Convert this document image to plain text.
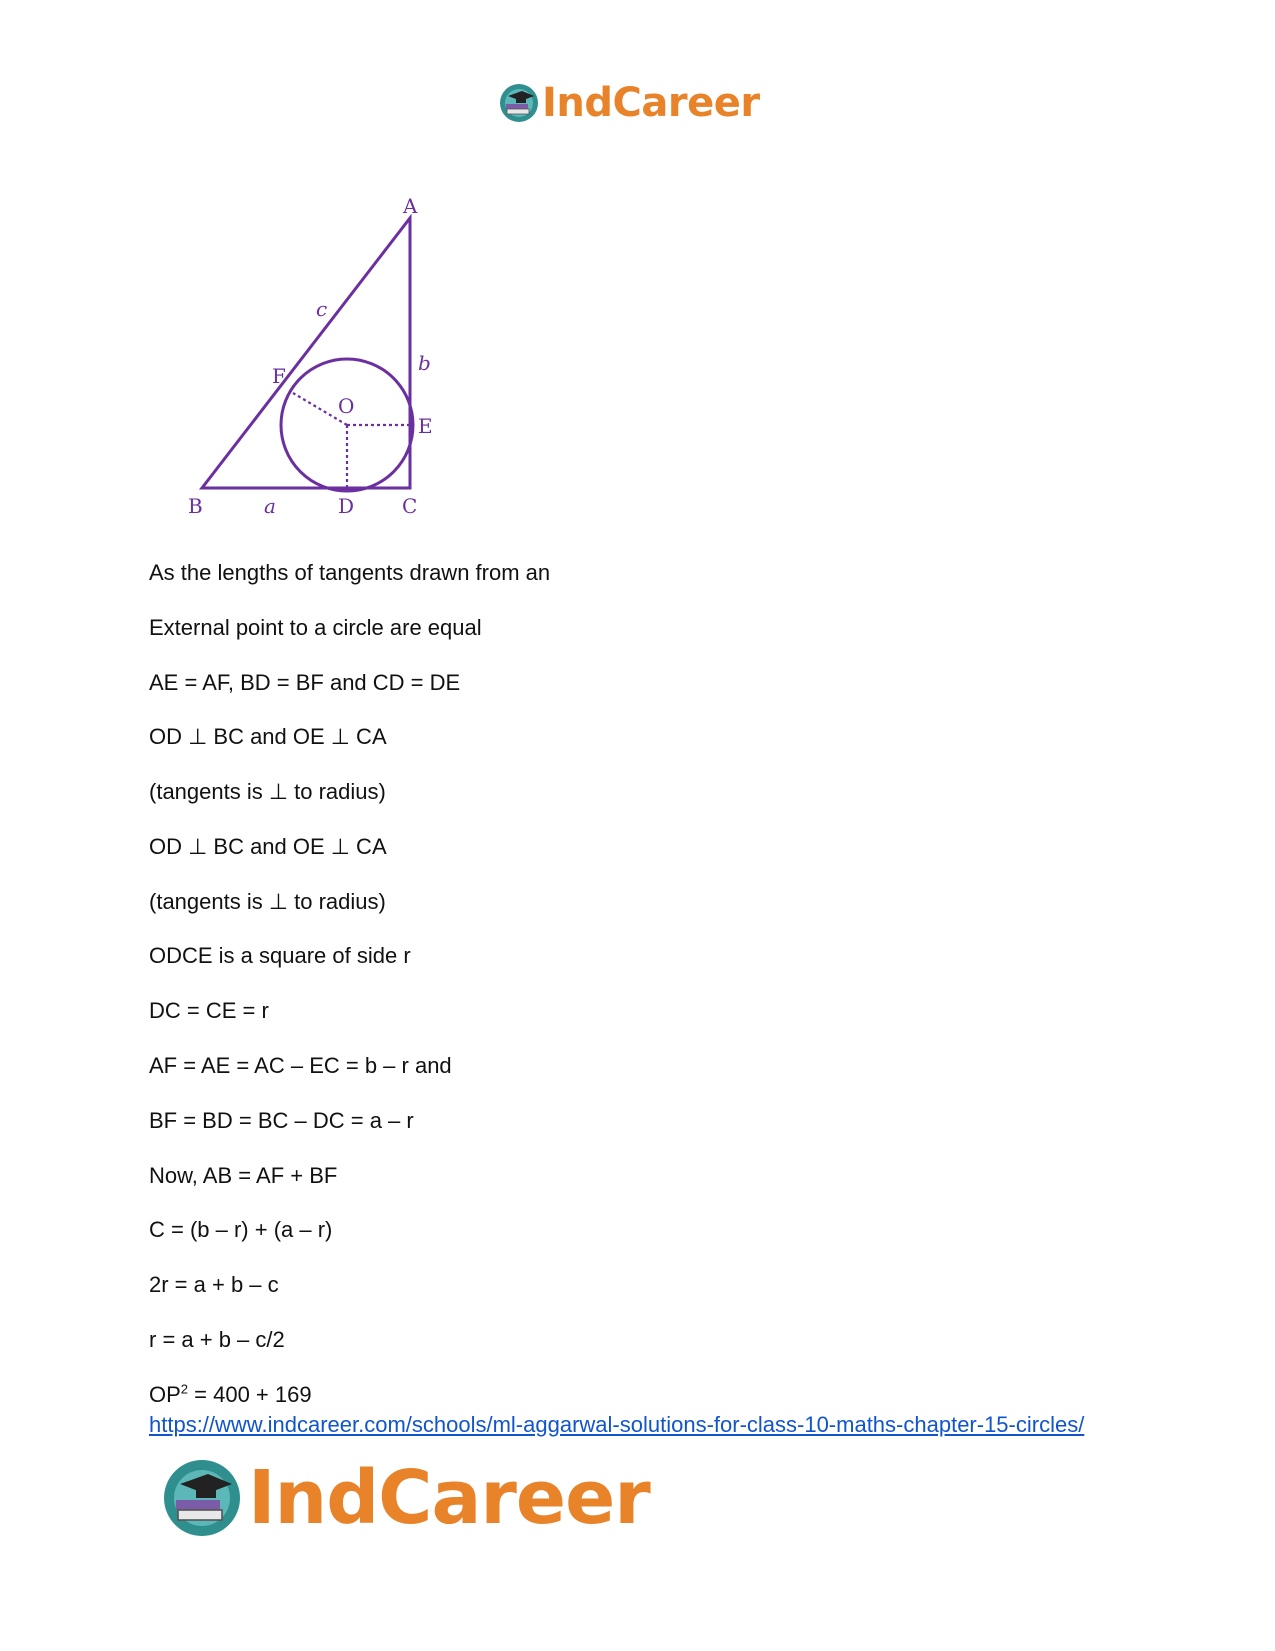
IndCareer
A
B	C
D
E
F
O
a
b
c
As the lengths of tangents drawn from an
External point to a circle are equal
AE = AF, BD = BF and CD = DE
OD ⊥ BC and OE ⊥ CA
(tangents is ⊥ to radius)
OD ⊥ BC and OE ⊥ CA
(tangents is ⊥ to radius)
ODCE is a square of side r
DC = CE = r
AF = AE = AC – EC = b – r and
BF = BD = BC – DC = a – r
Now, AB = AF + BF
C = (b – r) + (a – r)
2r = a + b – c
r = a + b – c/2
$OP^2 = 400 + 169$
https://www.indcareer.com/schools/ml-aggarwal-solutions-for-class-10-maths-chapter-15-circles/
IndCareer
